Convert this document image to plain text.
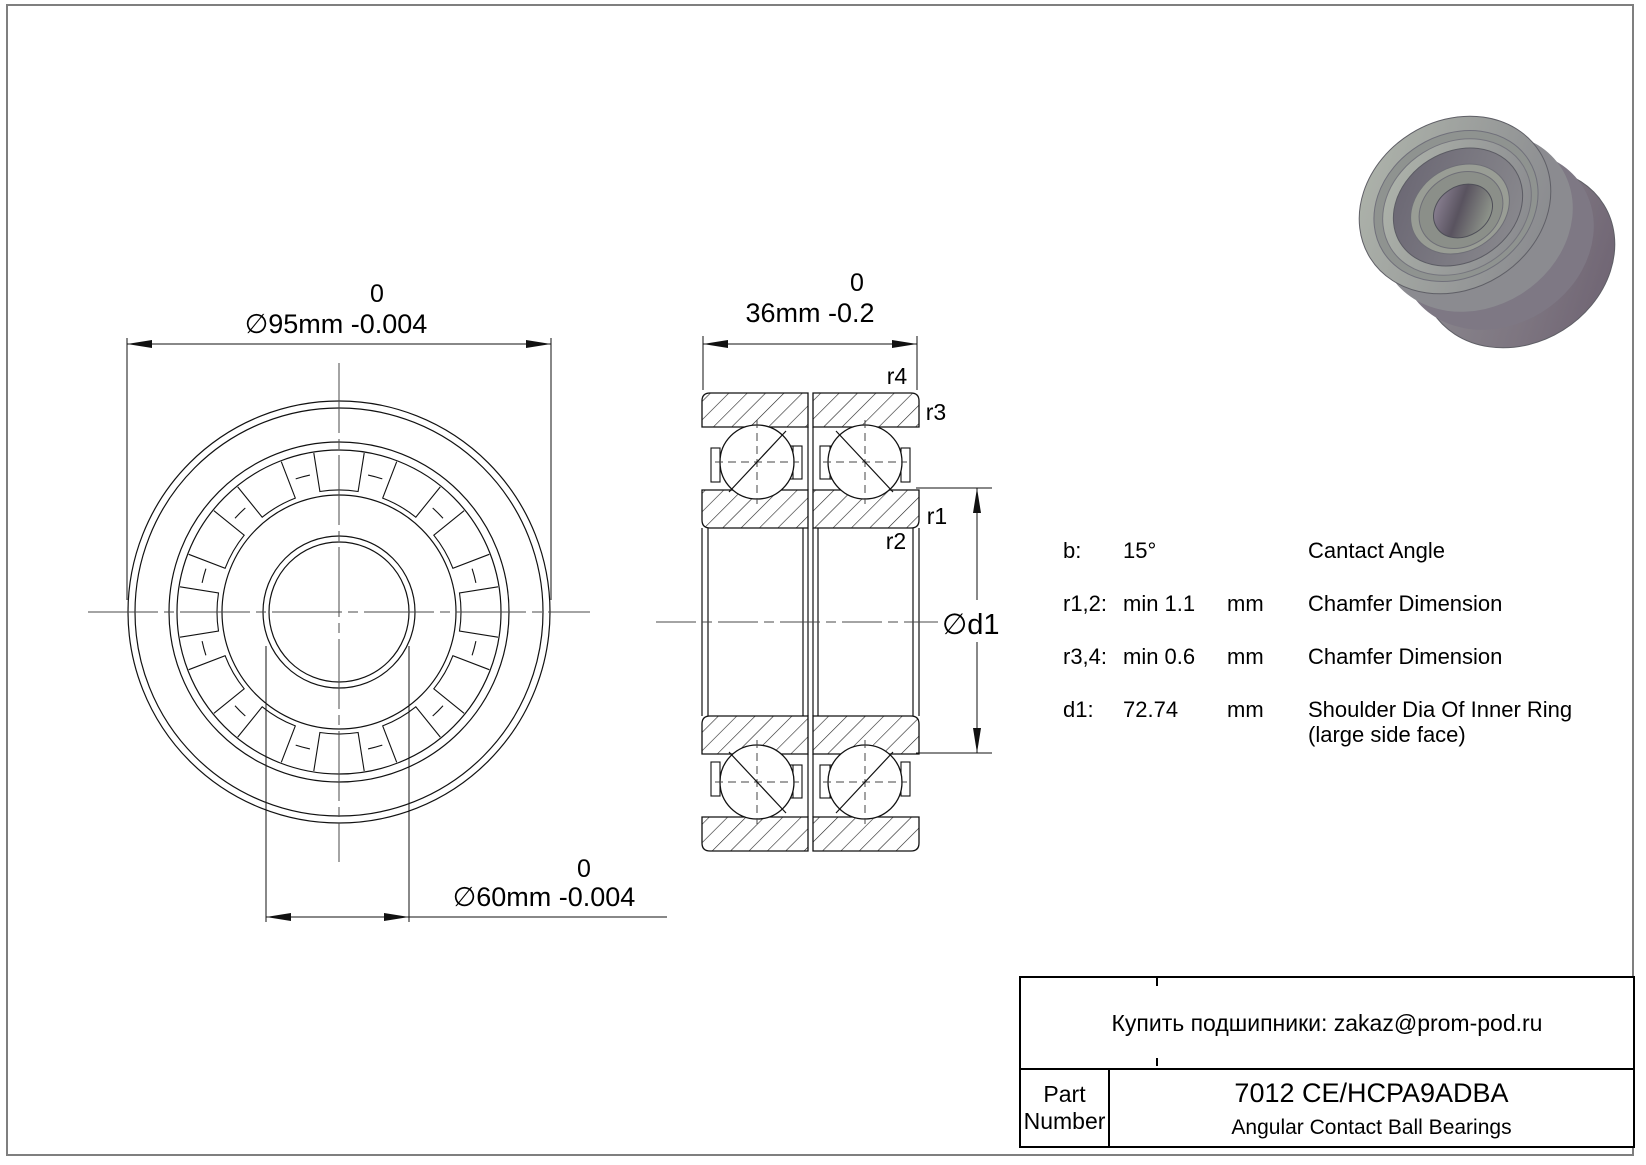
0
∅95mm -0.004
0
∅60mm -0.004
0
36mm -0.2
∅d1
r4
r3
r1
r2	b: 15°	Cantact Angle
r1,2: min 1.1 mm Chamfer Dimension
r3,4: min 0.6 mm Chamfer Dimension
d1: 72.74 mm Shoulder Dia Of Inner Ring
(large side face)
Купить подшипники: zakaz@prom-pod.ru
Part
Number
7012 CE/HCPA9ADBA
Angular Contact Ball Bearings
